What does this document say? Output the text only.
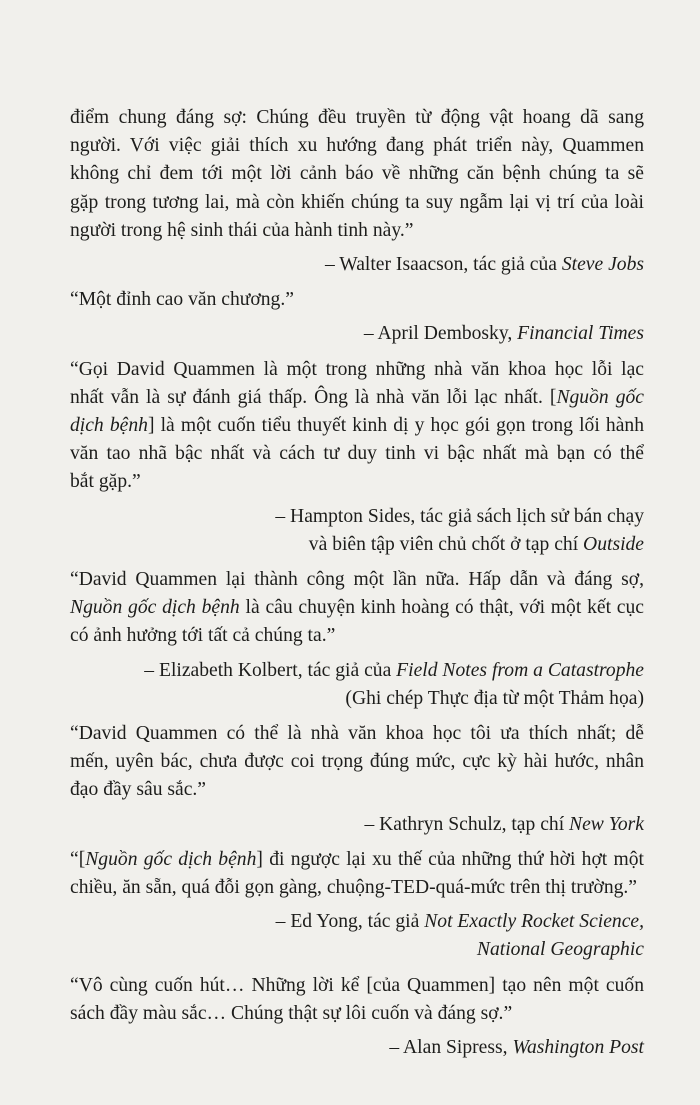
điểm chung đáng sợ: Chúng đều truyền từ động vật hoang dã sang
người. Với việc giải thích xu hướng đang phát triển này, Quammen
không chỉ đem tới một lời cảnh báo về những căn bệnh chúng ta sẽ
gặp trong tương lai, mà còn khiến chúng ta suy ngẫm lại vị trí của loài
người trong hệ sinh thái của hành tinh này.”
– Walter Isaacson, tác giả của Steve Jobs
“Một đỉnh cao văn chương.”
– April Dembosky, Financial Times
“Gọi David Quammen là một trong những nhà văn khoa học lỗi lạc
nhất vẫn là sự đánh giá thấp. Ông là nhà văn lỗi lạc nhất. [Nguồn gốc
dịch bệnh] là một cuốn tiểu thuyết kinh dị y học gói gọn trong lối hành
văn tao nhã bậc nhất và cách tư duy tinh vi bậc nhất mà bạn có thể
bắt gặp.”
– Hampton Sides, tác giả sách lịch sử bán chạy
và biên tập viên chủ chốt ở tạp chí Outside
“David Quammen lại thành công một lần nữa. Hấp dẫn và đáng sợ,
Nguồn gốc dịch bệnh là câu chuyện kinh hoàng có thật, với một kết cục
có ảnh hưởng tới tất cả chúng ta.”
– Elizabeth Kolbert, tác giả của Field Notes from a Catastrophe
(Ghi chép Thực địa từ một Thảm họa)
“David Quammen có thể là nhà văn khoa học tôi ưa thích nhất; dễ
mến, uyên bác, chưa được coi trọng đúng mức, cực kỳ hài hước, nhân
đạo đầy sâu sắc.”
– Kathryn Schulz, tạp chí New York
“[Nguồn gốc dịch bệnh] đi ngược lại xu thế của những thứ hời hợt một
chiều, ăn sẵn, quá đỗi gọn gàng, chuộng-TED-quá-mức trên thị trường.”
– Ed Yong, tác giả Not Exactly Rocket Science,
National Geographic
“Vô cùng cuốn hút… Những lời kể [của Quammen] tạo nên một cuốn
sách đầy màu sắc… Chúng thật sự lôi cuốn và đáng sợ.”
– Alan Sipress, Washington Post
